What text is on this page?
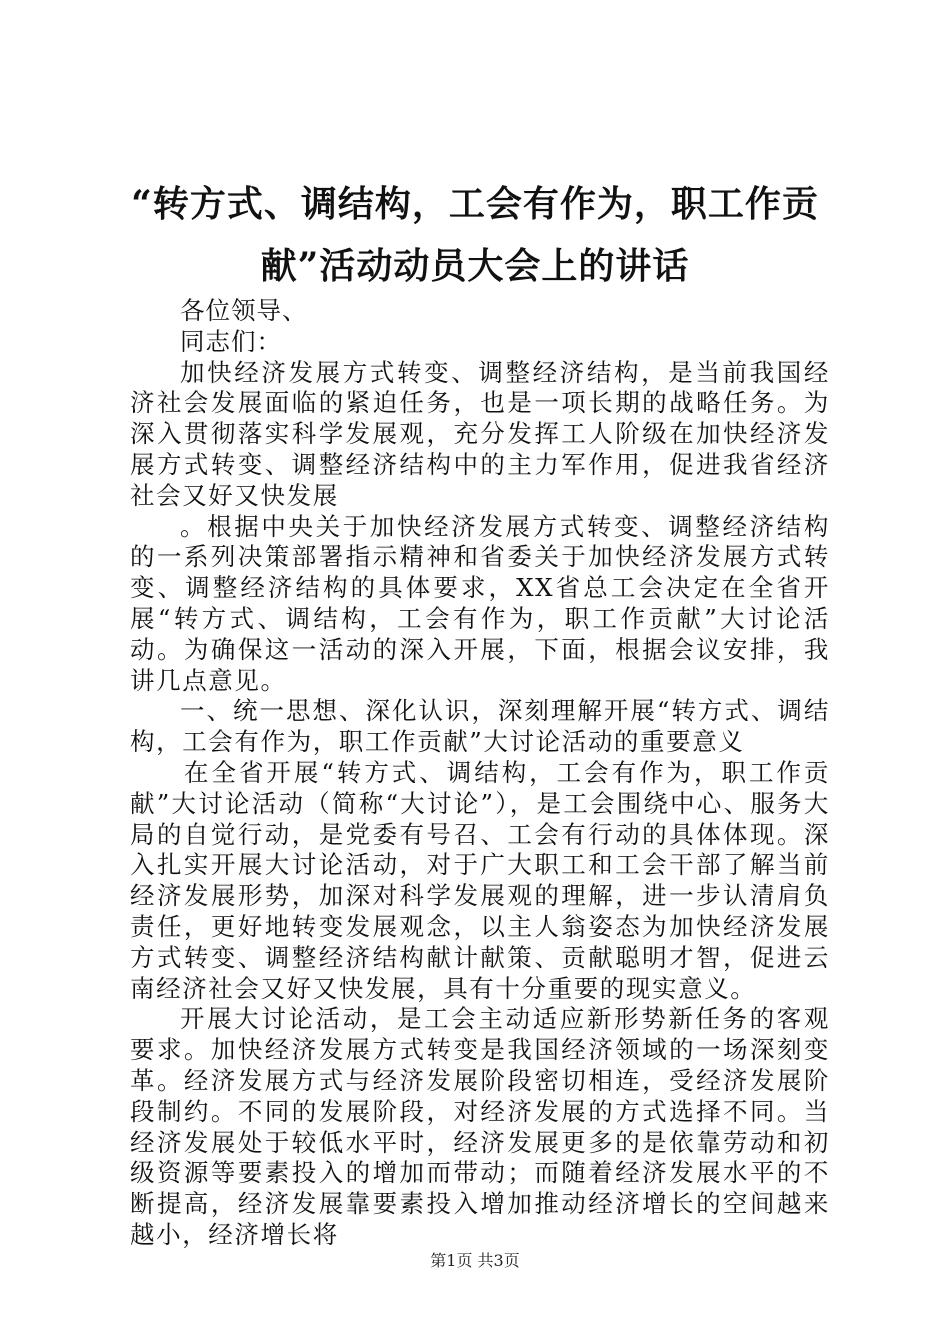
“转方式、调结构，工会有作为，职工作贡
献”活动动员大会上的讲话

各位领导、

同志们：

加快经济发展方式转变、调整经济结构，是当前我国经济社会发展面临的紧迫任务，也是一项长期的战略任务。为深入贯彻落实科学发展观，充分发挥工人阶级在加快经济发展方式转变、调整经济结构中的主力军作用，促进我省经济社会又好又快发展

。根据中央关于加快经济发展方式转变、调整经济结构的一系列决策部署指示精神和省委关于加快经济发展方式转变、调整经济结构的具体要求，XX省总工会决定在全省开展“转方式、调结构，工会有作为，职工作贡献”大讨论活动。为确保这一活动的深入开展，下面，根据会议安排，我讲几点意见。

一、统一思想、深化认识，深刻理解开展“转方式、调结构，工会有作为，职工作贡献”大讨论活动的重要意义

在全省开展“转方式、调结构，工会有作为，职工作贡献”大讨论活动（简称“大讨论”），是工会围绕中心、服务大局的自觉行动，是党委有号召、工会有行动的具体体现。深入扎实开展大讨论活动，对于广大职工和工会干部了解当前经济发展形势，加深对科学发展观的理解，进一步认清肩负责任，更好地转变发展观念，以主人翁姿态为加快经济发展方式转变、调整经济结构献计献策、贡献聪明才智，促进云南经济社会又好又快发展，具有十分重要的现实意义。

开展大讨论活动，是工会主动适应新形势新任务的客观要求。加快经济发展方式转变是我国经济领域的一场深刻变革。经济发展方式与经济发展阶段密切相连，受经济发展阶段制约。不同的发展阶段，对经济发展的方式选择不同。当经济发展处于较低水平时，经济发展更多的是依靠劳动和初级资源等要素投入的增加而带动；而随着经济发展水平的不断提高，经济发展靠要素投入增加推动经济增长的空间越来越小，经济增长将

第1页 共3页
